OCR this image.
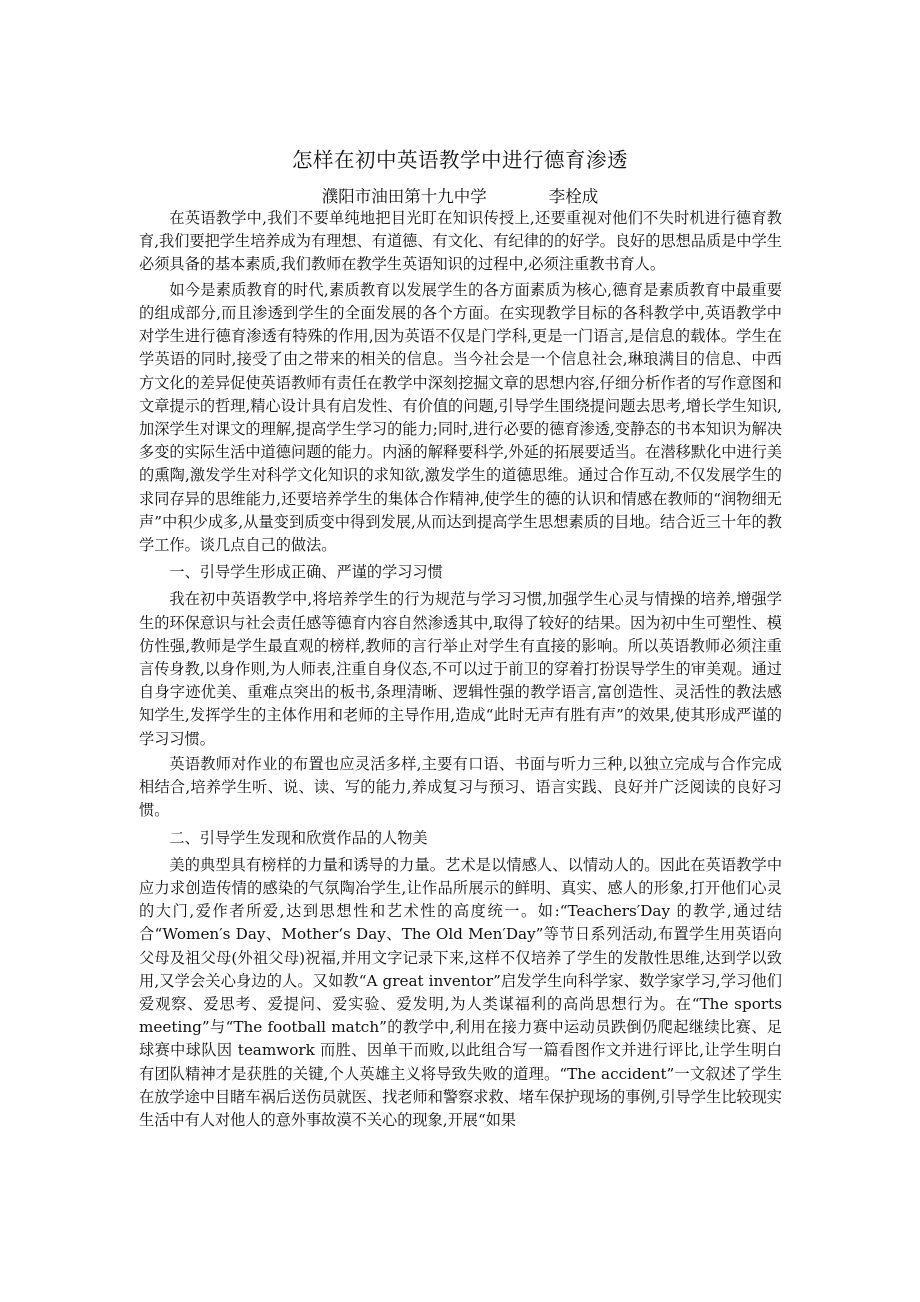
怎样在初中英语教学中进行德育渗透
濮阳市油田第十九中学	李栓成

在英语教学中,我们不要单纯地把目光盯在知识传授上,还要重视对他们不失时机进行德育教育,我们要把学生培养成为有理想、有道德、有文化、有纪律的的好学。良好的思想品质是中学生必须具备的基本素质,我们教师在教学生英语知识的过程中,必须注重教书育人。

如今是素质教育的时代,素质教育以发展学生的各方面素质为核心,德育是素质教育中最重要的组成部分,而且渗透到学生的全面发展的各个方面。在实现教学目标的各科教学中,英语教学中对学生进行德育渗透有特殊的作用,因为英语不仅是门学科,更是一门语言,是信息的载体。学生在学英语的同时,接受了由之带来的相关的信息。当今社会是一个信息社会,琳琅满目的信息、中西方文化的差异促使英语教师有责任在教学中深刻挖掘文章的思想内容,仔细分析作者的写作意图和文章提示的哲理,精心设计具有启发性、有价值的问题,引导学生围绕提问题去思考,增长学生知识,加深学生对课文的理解,提高学生学习的能力;同时,进行必要的德育渗透,变静态的书本知识为解决多变的实际生活中道德问题的能力。内涵的解释要科学,外延的拓展要适当。在潜移默化中进行美的熏陶,激发学生对科学文化知识的求知欲,激发学生的道德思维。通过合作互动,不仅发展学生的求同存异的思维能力,还要培养学生的集体合作精神,使学生的德的认识和情感在教师的“润物细无声”中积少成多,从量变到质变中得到发展,从而达到提高学生思想素质的目地。结合近三十年的教学工作。谈几点自己的做法。

一、引导学生形成正确、严谨的学习习惯

我在初中英语教学中,将培养学生的行为规范与学习习惯,加强学生心灵与情操的培养,增强学生的环保意识与社会责任感等德育内容自然渗透其中,取得了较好的结果。因为初中生可塑性、模仿性强,教师是学生最直观的榜样,教师的言行举止对学生有直接的影响。所以英语教师必须注重言传身教,以身作则,为人师表,注重自身仪态,不可以过于前卫的穿着打扮误导学生的审美观。通过自身字迹优美、重难点突出的板书,条理清晰、逻辑性强的教学语言,富创造性、灵活性的教法感知学生,发挥学生的主体作用和老师的主导作用,造成“此时无声有胜有声”的效果,使其形成严谨的学习习惯。

英语教师对作业的布置也应灵活多样,主要有口语、书面与听力三种,以独立完成与合作完成相结合,培养学生听、说、读、写的能力,养成复习与预习、语言实践、良好并广泛阅读的良好习惯。

二、引导学生发现和欣赏作品的人物美

美的典型具有榜样的力量和诱导的力量。艺术是以情感人、以情动人的。因此在英语教学中应力求创造传情的感染的气氛陶冶学生,让作品所展示的鲜明、真实、感人的形象,打开他们心灵的大门,爱作者所爱,达到思想性和艺术性的高度统一。如:“Teachers′Day 的教学,通过结合“Women′s Day、Mother‘s Day、The Old Men′Day”等节日系列活动,布置学生用英语向父母及祖父母(外祖父母)祝福,并用文字记录下来,这样不仅培养了学生的发散性思维,达到学以致用,又学会关心身边的人。又如教“A great inventor”启发学生向科学家、数学家学习,学习他们爱观察、爱思考、爱提问、爱实验、爱发明,为人类谋福利的高尚思想行为。在“The sports meeting”与“The football match”的教学中,利用在接力赛中运动员跌倒仍爬起继续比赛、足球赛中球队因 teamwork 而胜、因单干而败,以此组合写一篇看图作文并进行评比,让学生明白有团队精神才是获胜的关键,个人英雄主义将导致失败的道理。“The accident”一文叙述了学生在放学途中目睹车祸后送伤员就医、找老师和警察求救、堵车保护现场的事例,引导学生比较现实生活中有人对他人的意外事故漠不关心的现象,开展“如果
